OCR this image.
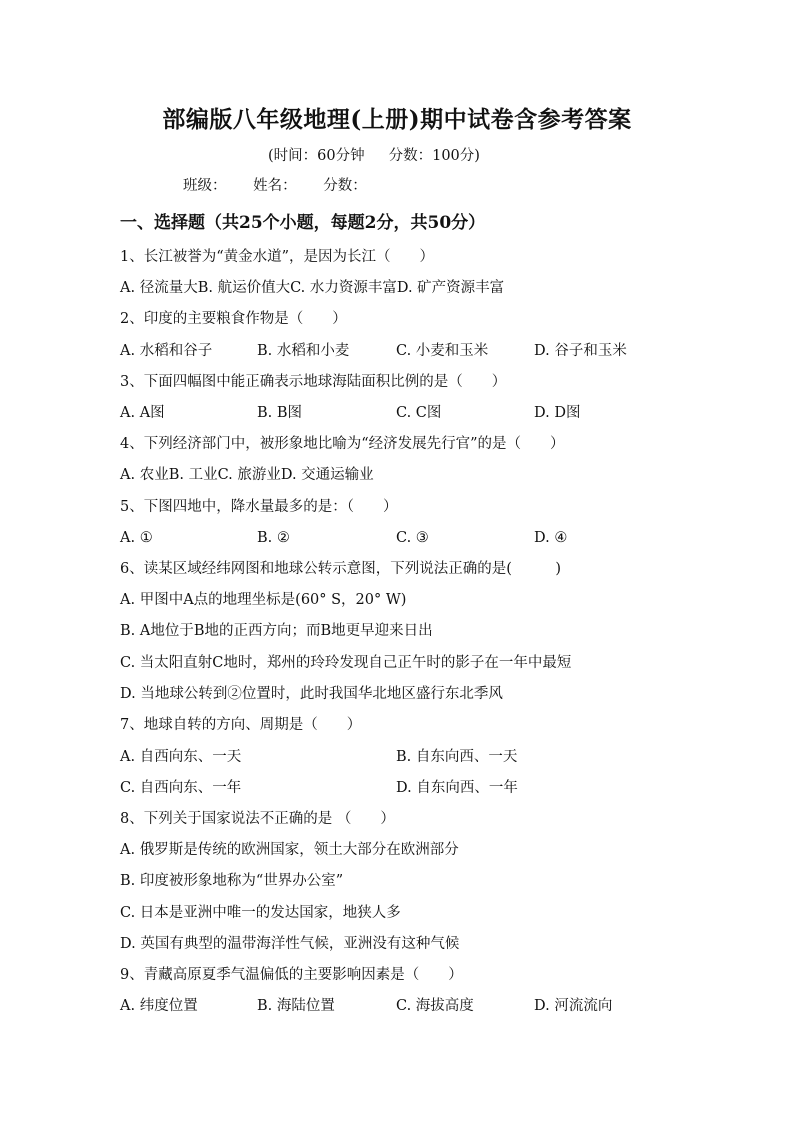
部编版八年级地理(上册)期中试卷含参考答案
(时间：60分钟 分数：100分)
班级： 姓名： 分数：
一、选择题（共25个小题，每题2分，共50分）
1、长江被誉为“黄金水道”，是因为长江（　　）
A. 径流量大B. 航运价值大C. 水力资源丰富D. 矿产资源丰富
2、印度的主要粮食作物是（　　）
A. 水稻和谷子	B. 水稻和小麦	C. 小麦和玉米	D. 谷子和玉米
3、下面四幅图中能正确表示地球海陆面积比例的是（　　）
A. A图	B. B图	C. C图	D. D图
4、下列经济部门中，被形象地比喻为“经济发展先行官”的是（　　）
A. 农业B. 工业C. 旅游业D. 交通运输业
5、下图四地中，降水量最多的是：（　　）
A. ①	B. ②	C. ③	D. ④
6、读某区域经纬网图和地球公转示意图，下列说法正确的是(　　　)
A. 甲图中A点的地理坐标是(60° S，20° W)
B. A地位于B地的正西方向；而B地更早迎来日出
C. 当太阳直射C地时，郑州的玲玲发现自己正午时的影子在一年中最短
D. 当地球公转到②位置时，此时我国华北地区盛行东北季风
7、地球自转的方向、周期是（　　）
A. 自西向东、一天	B. 自东向西、一天
C. 自西向东、一年	D. 自东向西、一年
8、下列关于国家说法不正确的是 （　　）
A. 俄罗斯是传统的欧洲国家，领土大部分在欧洲部分
B. 印度被形象地称为“世界办公室”
C. 日本是亚洲中唯一的发达国家，地狭人多
D. 英国有典型的温带海洋性气候，亚洲没有这种气候
9、青藏高原夏季气温偏低的主要影响因素是（　　）
A. 纬度位置	B. 海陆位置	C. 海拔高度	D. 河流流向
